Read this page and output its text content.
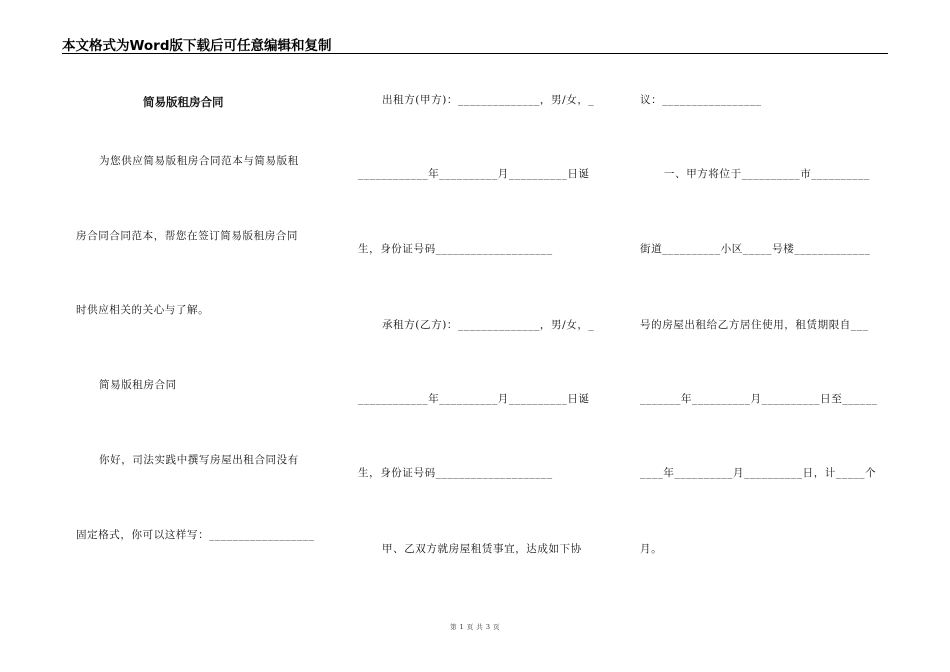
本文格式为Word版下载后可任意编辑和复制
简易版租房合同
为您供应简易版租房合同范本与简易版租
房合同合同范本，帮您在签订简易版租房合同
时供应相关的关心与了解。
简易版租房合同
你好，司法实践中撰写房屋出租合同没有
固定格式，你可以这样写：__________________
出租方(甲方)：______________，男/女，_
____________年__________月__________日诞
生，身份证号码____________________
承租方(乙方)：______________，男/女，_
____________年__________月__________日诞
生，身份证号码____________________
甲、乙双方就房屋租赁事宜，达成如下协
议：_________________
一、甲方将位于__________市__________
街道__________小区_____号楼_____________
号的房屋出租给乙方居住使用，租赁期限自___
_______年__________月__________日至______
____年__________月__________日，计_____个
月。
第 1 页 共 3 页
